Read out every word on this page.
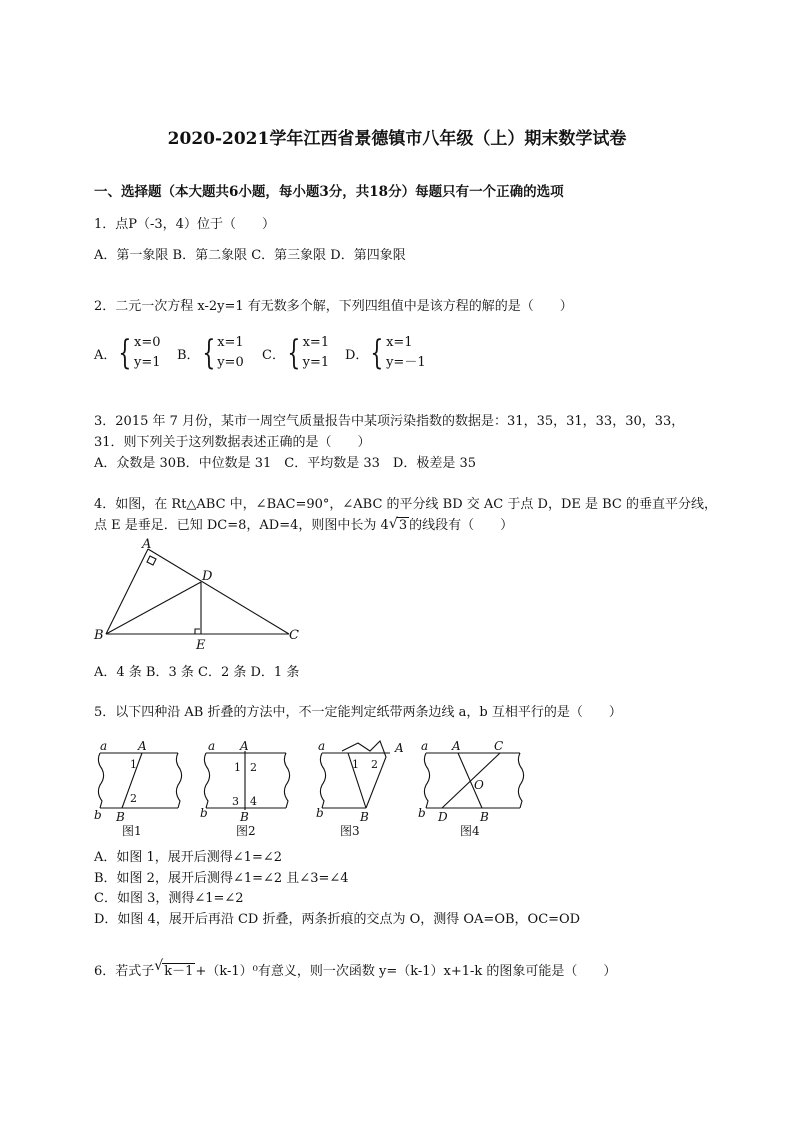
2020-2021学年江西省景德镇市八年级（上）期末数学试卷
一、选择题（本大题共6小题，每小题3分，共18分）每题只有一个正确的选项
1．点P（-3，4）位于（　　）
A．第一象限 B．第二象限 C．第三象限 D．第四象限
2．二元一次方程 x-2y=1 有无数多个解，下列四组值中是该方程的解的是（　　）
A． { x=0
y=1 B． { x=1
y=0 C． { x=1
y=1 D． { x=1
y=－1
3．2015 年 7 月份，某市一周空气质量报告中某项污染指数的数据是：31，35，31，33，30，33，
31．则下列关于这列数据表述正确的是（　　）
A．众数是 30B．中位数是 31　C．平均数是 33　D．极差是 35
4．如图，在 Rt△ABC 中，∠BAC=90°，∠ABC 的平分线 BD 交 AC 于点 D，DE 是 BC 的垂直平分线，
点 E 是垂足．已知 DC=8，AD=4，则图中长为 4 √ 3 的线段有（　　）
A
B	C
D
E
A．4 条 B．3 条 C．2 条 D．1 条
5．以下四种沿 AB 折叠的方法中，不一定能判定纸带两条边线 a，b 互相平行的是（　　）
a	A
b B
a A
b	B
a	A
b	B
a A	C
O
b D	B
1
2
1 2
3 4
1 2
图1	图2	图3	图4
A．如图 1，展开后测得∠1=∠2
B．如图 2，展开后测得∠1=∠2 且∠3=∠4
C．如图 3，测得∠1=∠2
D．如图 4，展开后再沿 CD 折叠，两条折痕的交点为 O，测得 OA=OB，OC=OD
6．若式子 √ k－1 +（k-1）⁰有意义，则一次函数 y=（k-1）x+1-k 的图象可能是（　　）
